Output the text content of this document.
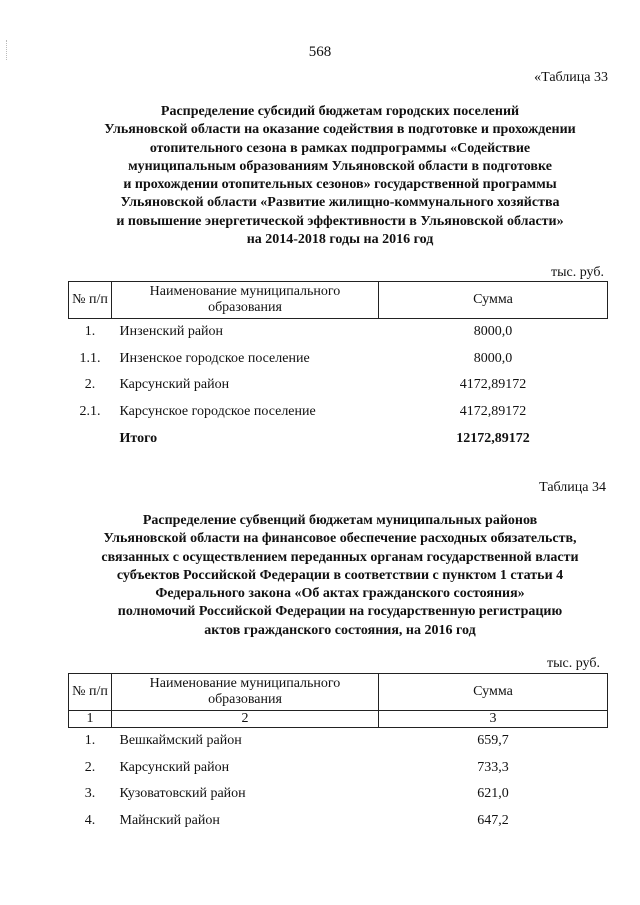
568
«Таблица 33
Распределение субсидий бюджетам городских поселений
Ульяновской области на оказание содействия в подготовке и прохождении
отопительного сезона в рамках подпрограммы «Содействие
муниципальным образованиям Ульяновской области в подготовке
и прохождении отопительных сезонов» государственной программы
Ульяновской области «Развитие жилищно-коммунального хозяйства
и повышение энергетической эффективности в Ульяновской области»
на 2014-2018 годы на 2016 год
тыс. руб.
№ п/п	Наименование муниципального образования	Сумма
1.	Инзенский район	8000,0
1.1.	Инзенское городское поселение	8000,0
2.	Карсунский район	4172,89172
2.1.	Карсунское городское поселение	4172,89172
	Итого	12172,89172
Таблица 34
Распределение субвенций бюджетам муниципальных районов
Ульяновской области на финансовое обеспечение расходных обязательств,
связанных с осуществлением переданных органам государственной власти
субъектов Российской Федерации в соответствии с пунктом 1 статьи 4
Федерального закона «Об актах гражданского состояния»
полномочий Российской Федерации на государственную регистрацию
актов гражданского состояния, на 2016 год
тыс. руб.
№ п/п	Наименование муниципального образования	Сумма
1	2	3
1.	Вешкаймский район	659,7
2.	Карсунский район	733,3
3.	Кузоватовский район	621,0
4.	Майнский район	647,2
